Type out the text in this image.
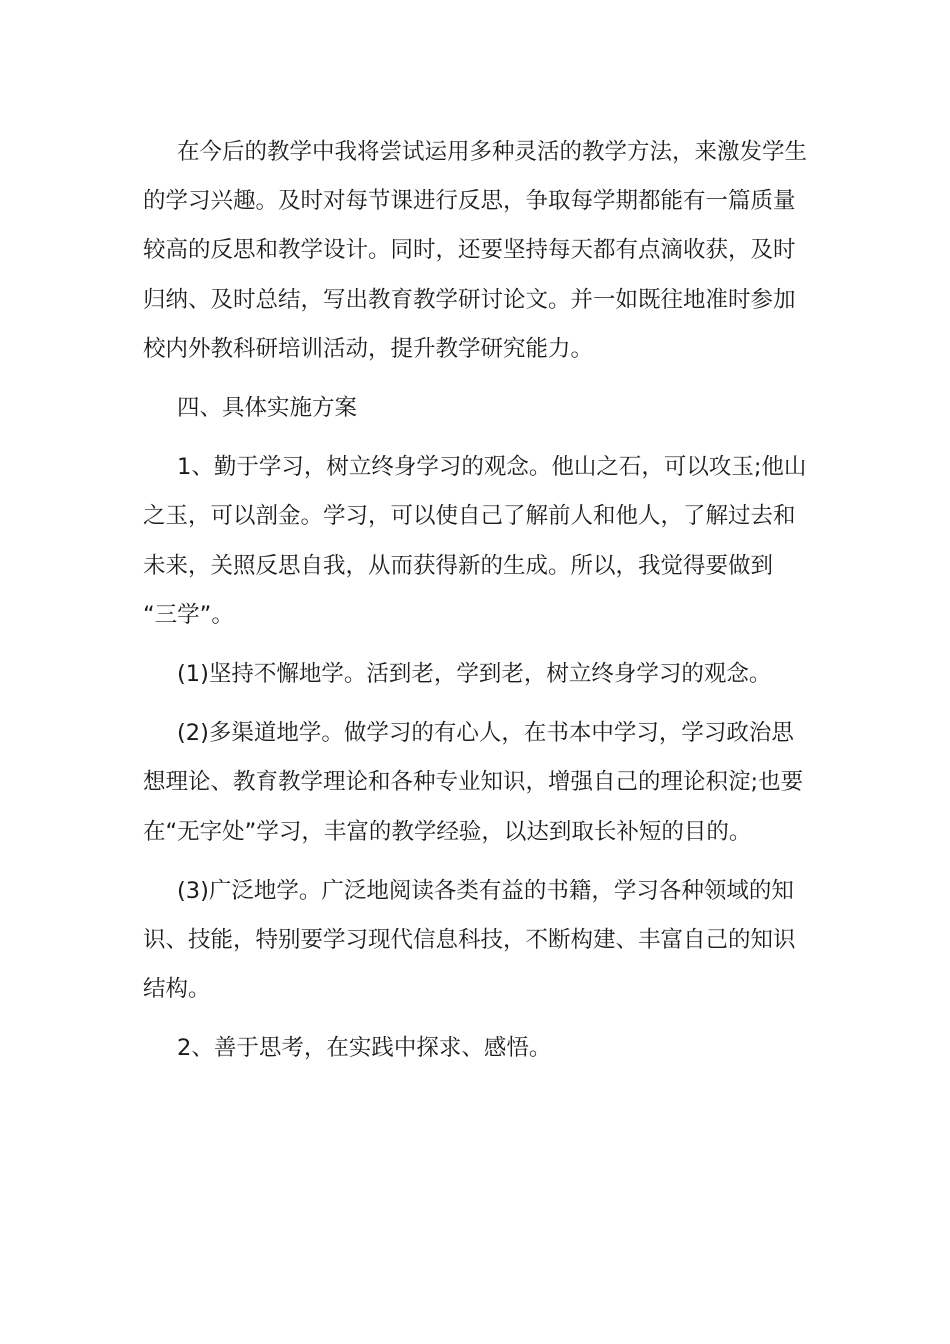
在今后的教学中我将尝试运用多种灵活的教学方法，来激发学生
的学习兴趣。及时对每节课进行反思，争取每学期都能有一篇质量
较高的反思和教学设计。同时，还要坚持每天都有点滴收获，及时
归纳、及时总结，写出教育教学研讨论文。并一如既往地准时参加
校内外教科研培训活动，提升教学研究能力。
四、具体实施方案
1、勤于学习，树立终身学习的观念。他山之石，可以攻玉;他山
之玉，可以剖金。学习，可以使自己了解前人和他人，了解过去和
未来，关照反思自我，从而获得新的生成。所以，我觉得要做到
“三学”。
(1)坚持不懈地学。活到老，学到老，树立终身学习的观念。
(2)多渠道地学。做学习的有心人，在书本中学习，学习政治思
想理论、教育教学理论和各种专业知识，增强自己的理论积淀;也要
在“无字处”学习，丰富的教学经验，以达到取长补短的目的。
(3)广泛地学。广泛地阅读各类有益的书籍，学习各种领域的知
识、技能，特别要学习现代信息科技，不断构建、丰富自己的知识
结构。
2、善于思考，在实践中探求、感悟。
